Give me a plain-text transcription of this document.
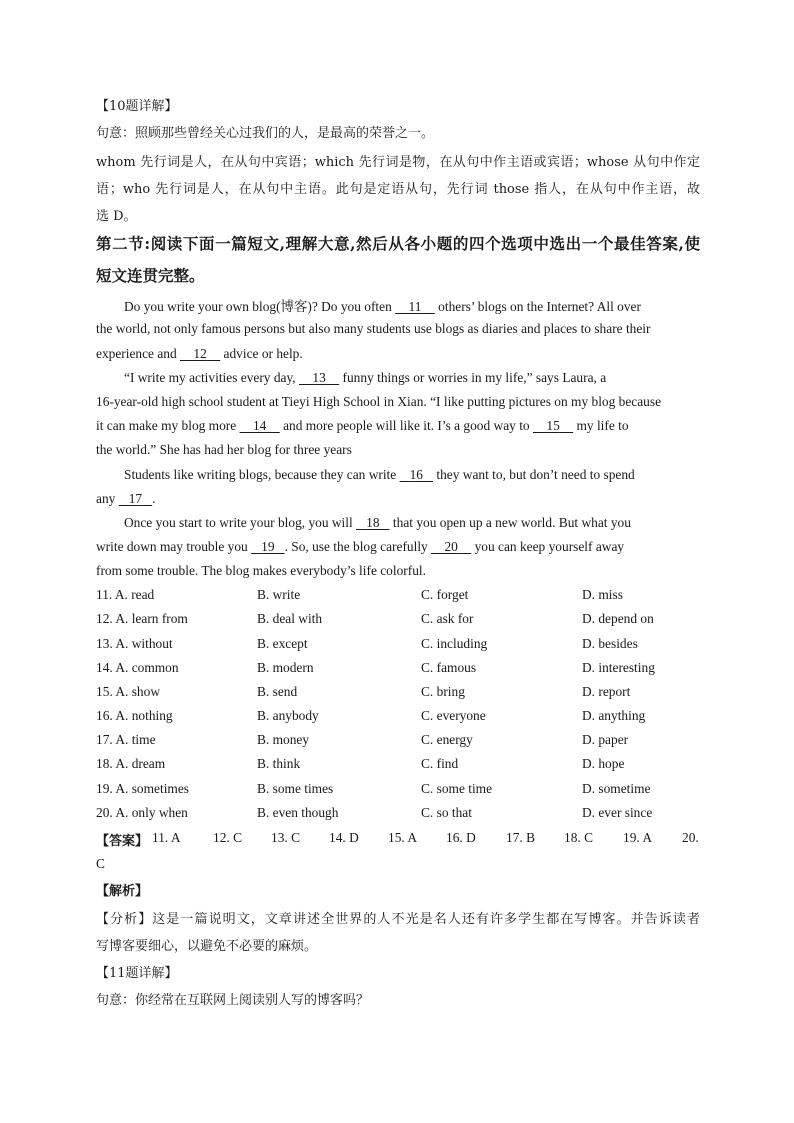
【10题详解】
句意：照顾那些曾经关心过我们的人，是最高的荣誉之一。
whom 先行词是人，在从句中宾语；which 先行词是物，在从句中作主语或宾语；whose 从句中作定
语；who 先行词是人，在从句中主语。此句是定语从句，先行词 those 指人，在从句中作主语，故
选 D。
第二节:阅读下面一篇短文,理解大意,然后从各小题的四个选项中选出一个最佳答案,使
短文连贯完整。
Do you write your own blog(博客)? Do you often     11     others’ blogs on the Internet? All over
the world, not only famous persons but also many students use blogs as diaries and places to share their
experience and     12     advice or help.
“I write my activities every day,     13     funny things or worries in my life,” says Laura, a
16-year-old high school student at Tieyi High School in Xian. “I like putting pictures on my blog because
it can make my blog more     14     and more people will like it. I’s a good way to     15     my life to
the world.” She has had her blog for three years
Students like writing blogs, because they can write    16    they want to, but don’t need to spend
any    17 .
Once you start to write your blog, you will    18    that you open up a new world. But what you
write down may trouble you    19 . So, use the blog carefully     20     you can keep yourself away
from some trouble. The blog makes everybody’s life colorful.
11. A. read	B. write	C. forget	D. miss
12. A. learn from	B. deal with	C. ask for	D. depend on
13. A. without	B. except	C. including	D. besides
14. A. common	B. modern	C. famous	D. interesting
15. A. show	B. send	C. bring	D. report
16. A. nothing	B. anybody	C. everyone	D. anything
17. A. time	B. money	C. energy	D. paper
18. A. dream	B. think	C. find	D. hope
19. A. sometimes	B. some times	C. some time	D. sometime
20. A. only when	B. even though	C. so that	D. ever since
【答案】 11. A 12. C 13. C 14. D 15. A 16. D 17. B 18. C 19. A 20.
C
【解析】
【分析】这是一篇说明文，文章讲述全世界的人不光是名人还有许多学生都在写博客。并告诉读者
写博客要细心，以避免不必要的麻烦。
【11题详解】
句意：你经常在互联网上阅读别人写的博客吗？
